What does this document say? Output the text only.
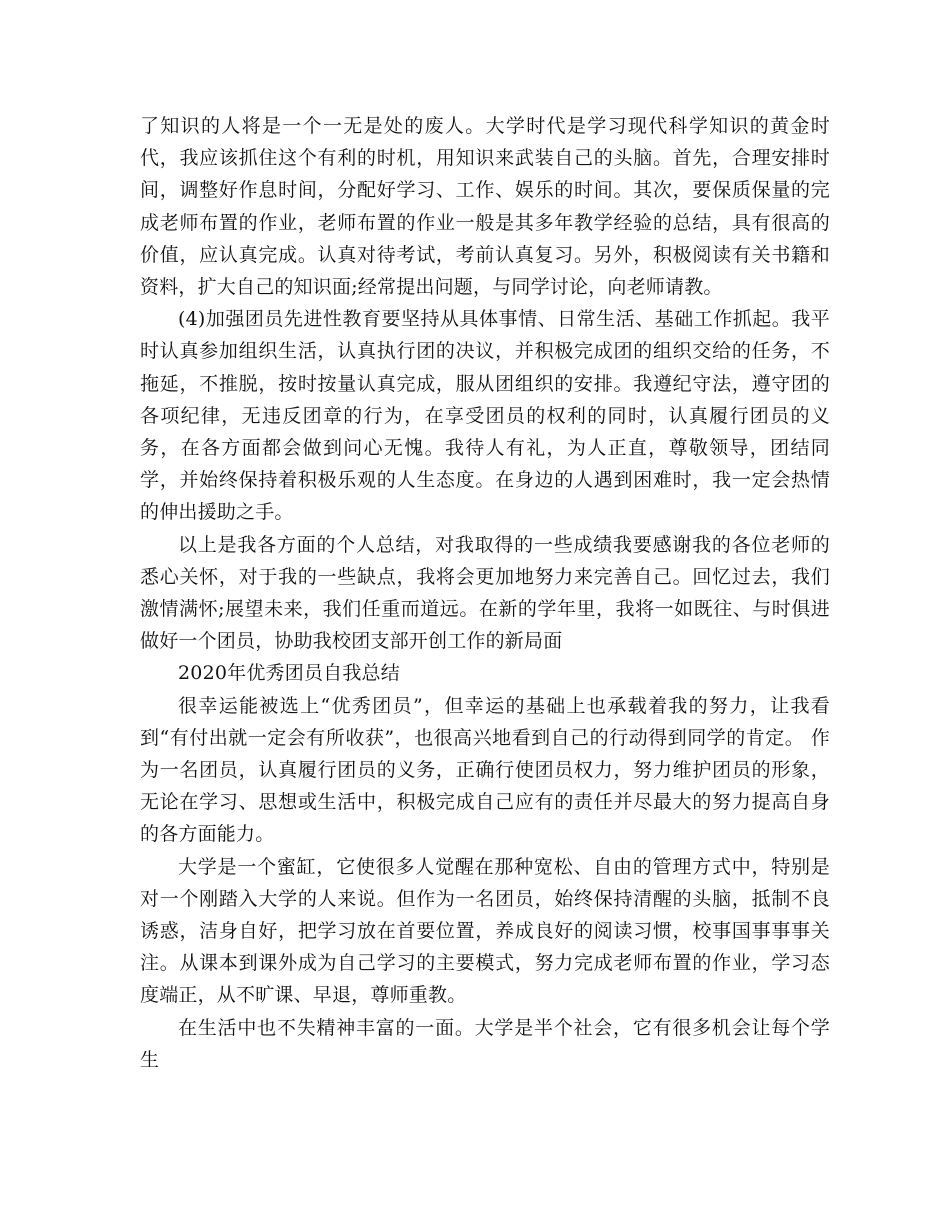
了知识的人将是一个一无是处的废人。大学时代是学习现代科学知识的黄金时代，我应该抓住这个有利的时机，用知识来武装自己的头脑。首先，合理安排时间，调整好作息时间，分配好学习、工作、娱乐的时间。其次，要保质保量的完成老师布置的作业，老师布置的作业一般是其多年教学经验的总结，具有很高的价值，应认真完成。认真对待考试，考前认真复习。另外，积极阅读有关书籍和资料，扩大自己的知识面;经常提出问题，与同学讨论，向老师请教。

(4)加强团员先进性教育要坚持从具体事情、日常生活、基础工作抓起。我平时认真参加组织生活，认真执行团的决议，并积极完成团的组织交给的任务，不拖延，不推脱，按时按量认真完成，服从团组织的安排。我遵纪守法，遵守团的各项纪律，无违反团章的行为，在享受团员的权利的同时，认真履行团员的义务，在各方面都会做到问心无愧。我待人有礼，为人正直，尊敬领导，团结同学，并始终保持着积极乐观的人生态度。在身边的人遇到困难时，我一定会热情的伸出援助之手。

以上是我各方面的个人总结，对我取得的一些成绩我要感谢我的各位老师的悉心关怀，对于我的一些缺点，我将会更加地努力来完善自己。回忆过去，我们激情满怀;展望未来，我们任重而道远。在新的学年里，我将一如既往、与时俱进做好一个团员，协助我校团支部开创工作的新局面

2020年优秀团员自我总结

很幸运能被选上“优秀团员”，但幸运的基础上也承载着我的努力，让我看到“有付出就一定会有所收获”，也很高兴地看到自己的行动得到同学的肯定。 作为一名团员，认真履行团员的义务，正确行使团员权力，努力维护团员的形象，无论在学习、思想或生活中，积极完成自己应有的责任并尽最大的努力提高自身的各方面能力。

大学是一个蜜缸，它使很多人觉醒在那种宽松、自由的管理方式中，特别是对一个刚踏入大学的人来说。但作为一名团员，始终保持清醒的头脑，抵制不良诱惑，洁身自好，把学习放在首要位置，养成良好的阅读习惯，校事国事事事关注。从课本到课外成为自己学习的主要模式，努力完成老师布置的作业，学习态度端正，从不旷课、早退，尊师重教。

在生活中也不失精神丰富的一面。大学是半个社会，它有很多机会让每个学生
